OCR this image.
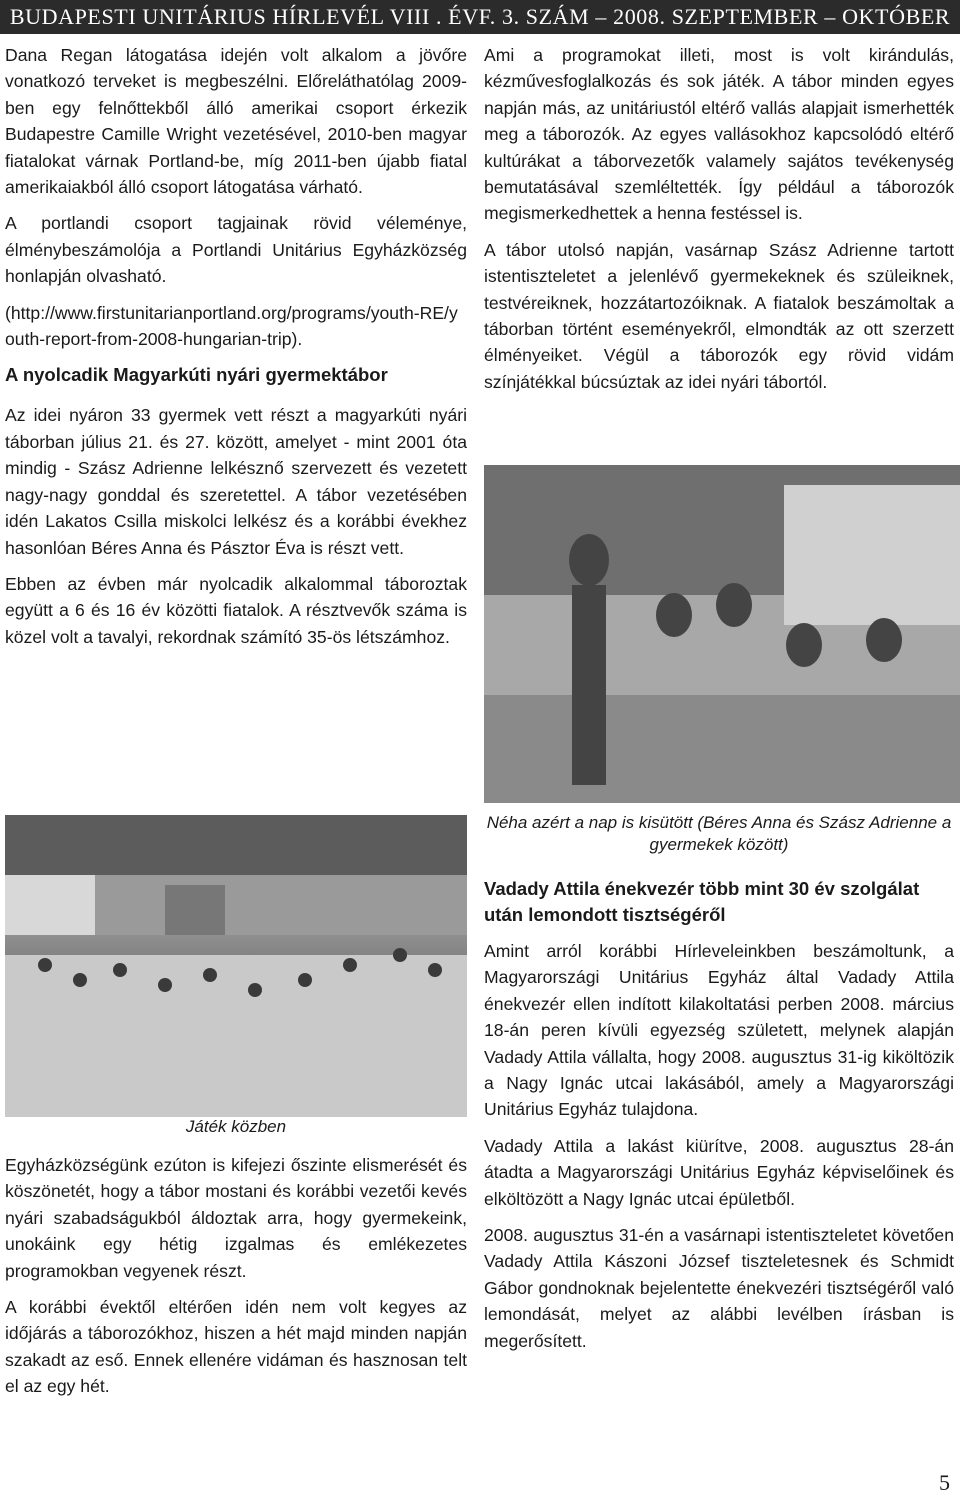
BUDAPESTI UNITÁRIUS HÍRLEVÉL VIII . ÉVF. 3. SZÁM – 2008. SZEPTEMBER – OKTÓBER

Dana Regan látogatása idején volt alkalom a jövőre vonatkozó terveket is megbeszélni. Előreláthatólag 2009-ben egy felnőttekből álló amerikai csoport érkezik Budapestre Camille Wright vezetésével, 2010-ben magyar fiatalokat várnak Portland-be, míg 2011-ben újabb fiatal amerikaiakból álló csoport látogatása várható.

A portlandi csoport tagjainak rövid véleménye, élménybeszámolója a Portlandi Unitárius Egyházközség honlapján olvasható.

(http://www.firstunitarianportland.org/programs/youth-RE/youth-report-from-2008-hungarian-trip).

A nyolcadik Magyarkúti nyári gyermektábor

Az idei nyáron 33 gyermek vett részt a magyarkúti nyári táborban július 21. és 27. között, amelyet - mint 2001 óta mindig - Szász Adrienne lelkésznő szervezett és vezetett nagy-nagy gonddal és szeretettel. A tábor vezetésében idén Lakatos Csilla miskolci lelkész és a korábbi évekhez hasonlóan Béres Anna és Pásztor Éva is részt vett.

Ebben az évben már nyolcadik alkalommal táboroztak együtt a 6 és 16 év közötti fiatalok. A résztvevők száma is közel volt a tavalyi, rekordnak számító 35-ös létszámhoz.

Játék közben

Egyházközségünk ezúton is kifejezi őszinte elismerését és köszönetét, hogy a tábor mostani és korábbi vezetői kevés nyári szabadságukból áldoztak arra, hogy gyermekeink, unokáink egy hétig izgalmas és emlékezetes programokban vegyenek részt.

A korábbi évektől eltérően idén nem volt kegyes az időjárás a táborozókhoz, hiszen a hét majd minden napján szakadt az eső. Ennek ellenére vidáman és hasznosan telt el az egy hét.

Ami a programokat illeti, most is volt kirándulás, kézművesfoglalkozás és sok játék. A tábor minden egyes napján más, az unitáriustól eltérő vallás alapjait ismerhették meg a táborozók. Az egyes vallásokhoz kapcsolódó eltérő kultúrákat a táborvezetők valamely sajátos tevékenység bemutatásával szemléltették. Így például a táborozók megismerkedhettek a henna festéssel is.

A tábor utolsó napján, vasárnap Szász Adrienne tartott istentiszteletet a jelenlévő gyermekeknek és szüleiknek, testvéreiknek, hozzátartozóiknak. A fiatalok beszámoltak a táborban történt eseményekről, elmondták az ott szerzett élményeiket. Végül a táborozók egy rövid vidám színjátékkal búcsúztak az idei nyári tábortól.

Néha azért a nap is kisütött (Béres Anna és Szász Adrienne a gyermekek között)
Vadady Attila énekvezér több mint 30 év szolgálat után lemondott tisztségéről

Amint arról korábbi Hírleveleinkben beszámoltunk, a Magyarországi Unitárius Egyház által Vadady Attila énekvezér ellen indított kilakoltatási perben 2008. március 18-án peren kívüli egyezség született, melynek alapján Vadady Attila vállalta, hogy 2008. augusztus 31-ig kiköltözik a Nagy Ignác utcai lakásából, amely a Magyarországi Unitárius Egyház tulajdona.

Vadady Attila a lakást kiürítve, 2008. augusztus 28-án átadta a Magyarországi Unitárius Egyház képviselőinek és elköltözött a Nagy Ignác utcai épületből.

2008. augusztus 31-én a vasárnapi istentiszteletet követően Vadady Attila Kászoni József tiszteletesnek és Schmidt Gábor gondnoknak bejelentette énekvezéri tisztségéről való lemondását, melyet az alábbi levélben írásban is megerősített.

5
